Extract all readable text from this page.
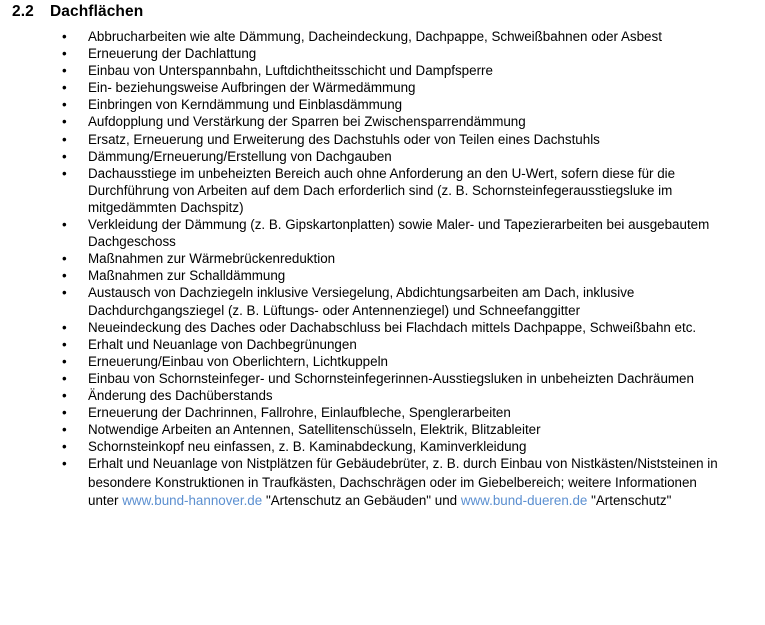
2.2 Dachflächen
•	Abbrucharbeiten wie alte Dämmung, Dacheindeckung, Dachpappe, Schweißbahnen oder Asbest
•	Erneuerung der Dachlattung
•	Einbau von Unterspannbahn, Luftdichtheitsschicht und Dampfsperre
•	Ein- beziehungsweise Aufbringen der Wärmedämmung
•	Einbringen von Kerndämmung und Einblasdämmung
•	Aufdopplung und Verstärkung der Sparren bei Zwischensparrendämmung
•	Ersatz, Erneuerung und Erweiterung des Dachstuhls oder von Teilen eines Dachstuhls
•	Dämmung/Erneuerung/Erstellung von Dachgauben
•	Dachausstiege im unbeheizten Bereich auch ohne Anforderung an den U-Wert, sofern diese für die Durchführung von Arbeiten auf dem Dach erforderlich sind (z. B. Schornsteinfegerausstiegsluke im mitgedämmten Dachspitz)
•	Verkleidung der Dämmung (z. B. Gipskartonplatten) sowie Maler- und Tapezierarbeiten bei ausgebautem Dachgeschoss
•	Maßnahmen zur Wärmebrückenreduktion
•	Maßnahmen zur Schalldämmung
•	Austausch von Dachziegeln inklusive Versiegelung, Abdichtungsarbeiten am Dach, inklusive Dachdurchgangsziegel (z. B. Lüftungs- oder Antennenziegel) und Schneefanggitter
•	Neueindeckung des Daches oder Dachabschluss bei Flachdach mittels Dachpappe, Schweißbahn etc.
•	Erhalt und Neuanlage von Dachbegrünungen
•	Erneuerung/Einbau von Oberlichtern, Lichtkuppeln
•	Einbau von Schornsteinfeger- und Schornsteinfegerinnen-Ausstiegsluken in unbeheizten Dachräumen
•	Änderung des Dachüberstands
•	Erneuerung der Dachrinnen, Fallrohre, Einlaufbleche, Spenglerarbeiten
•	Notwendige Arbeiten an Antennen, Satellitenschüsseln, Elektrik, Blitzableiter
•	Schornsteinkopf neu einfassen, z. B. Kaminabdeckung, Kaminverkleidung
•	Erhalt und Neuanlage von Nistplätzen für Gebäudebrüter, z. B. durch Einbau von Nistkästen/Niststeinen in besondere Konstruktionen in Traufkästen, Dachschrägen oder im Giebelbereich; weitere Informationen unter www.bund-hannover.de "Artenschutz an Gebäuden" und www.bund-dueren.de "Artenschutz"
